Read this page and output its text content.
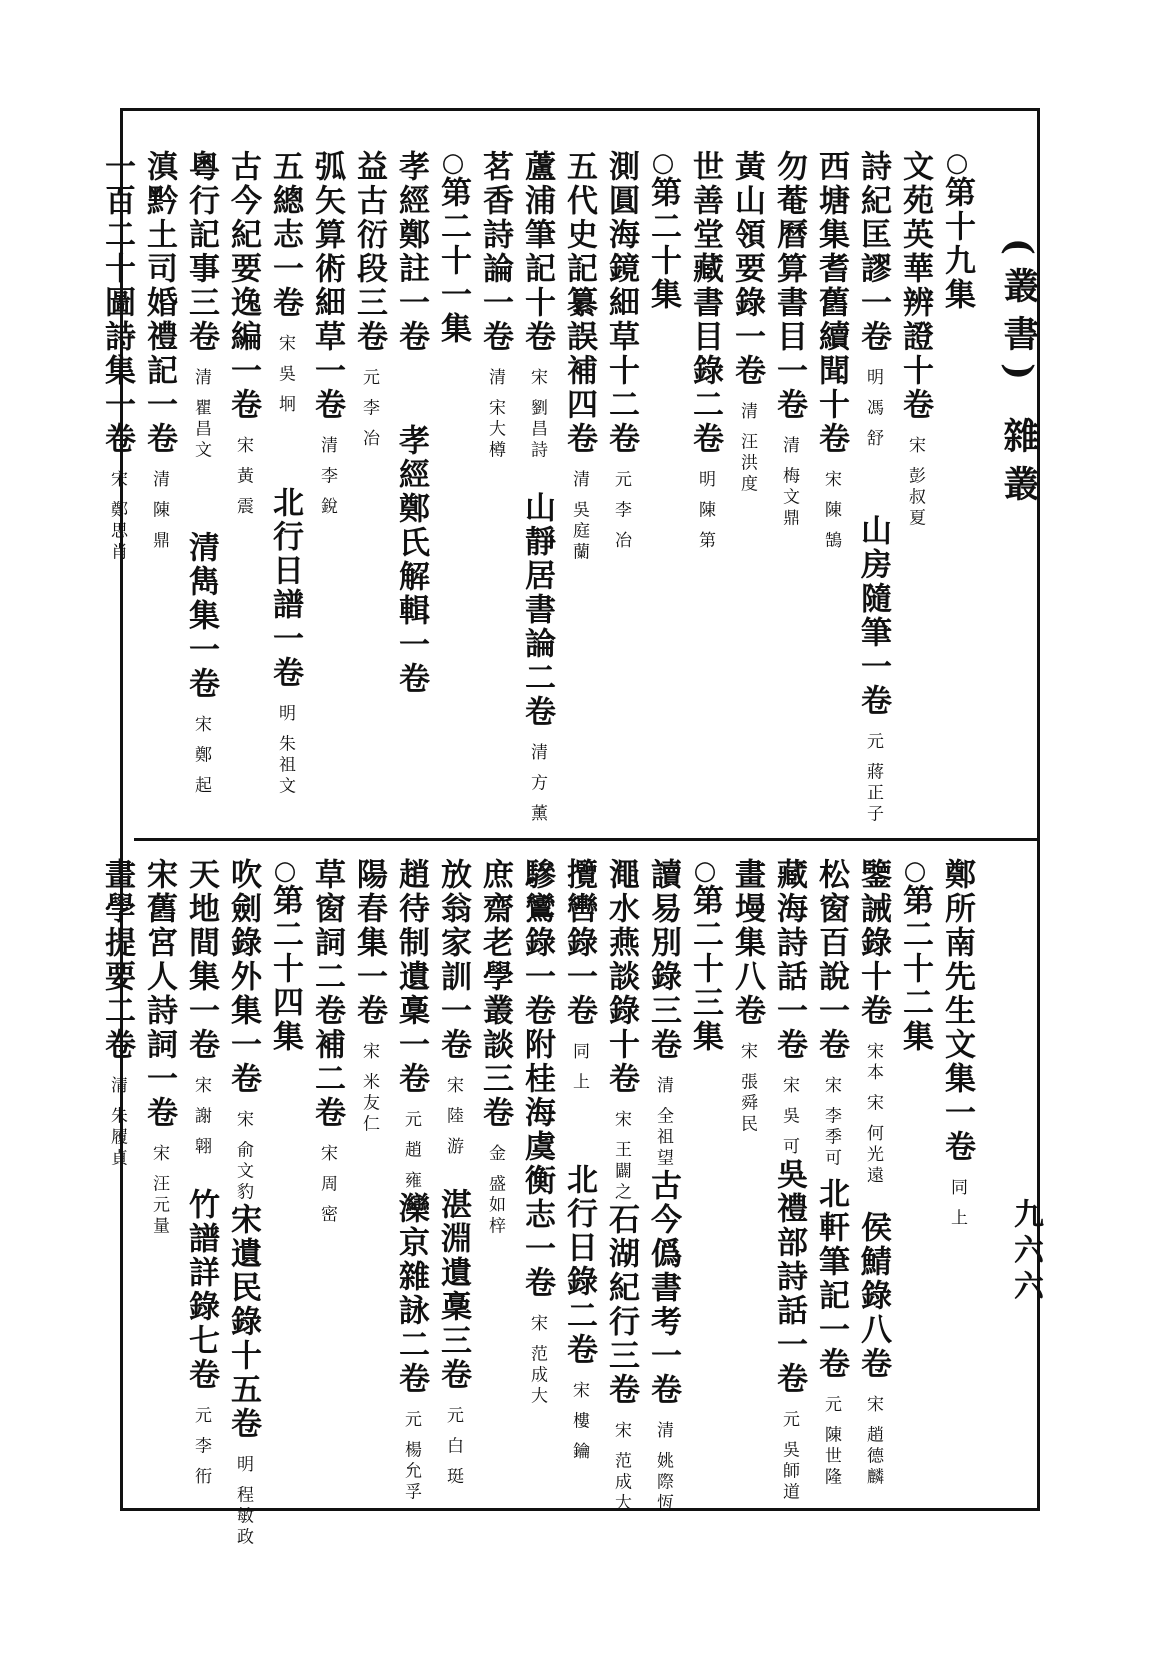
(叢書) 雜叢
九六六
○
第十九集
文苑英華辨證十卷
宋 彭叔夏
詩紀匡謬一卷
明 馮 舒
山房隨筆一卷
元 蔣正子
西塘集耆舊續聞十卷
宋 陳 鵠
勿菴曆算書目一卷
清 梅文鼎
黃山領要錄一卷
清 汪洪度
世善堂藏書目錄二卷
明 陳 第
○
第二十集
測圓海鏡細草十二卷
元 李 冶
五代史記纂誤補四卷
清 吳庭蘭
蘆浦筆記十卷
宋 劉昌詩
山靜居書論二卷
清 方 薰
茗香詩論一卷
清 宋大樽
○
第二十一集
孝經鄭註一卷
孝經鄭氏解輯一卷
益古衍段三卷
元 李 冶
弧矢算術細草一卷
清 李 銳
五總志一卷
宋 吳 坰
北行日譜一卷
明 朱祖文
古今紀要逸編一卷
宋 黃 震
粵行記事三卷
清 瞿昌文
清雋集一卷
宋 鄭 起
滇黔土司婚禮記一卷
清 陳 鼎
一百二十圖詩集一卷
宋 鄭思肖
鄭所南先生文集一卷
同 上
○
第二十二集
鑒誡錄十卷
宋本 宋 何光遠
侯鯖錄八卷
宋 趙德麟
松窗百說一卷
宋 李季可
北軒筆記一卷
元 陳世隆
藏海詩話一卷
宋 吳 可
吳禮部詩話一卷
元 吳師道
畫墁集八卷
宋 張舜民
○
第二十三集
讀易別錄三卷
清 全祖望
古今僞書考一卷
清 姚際恆
澠水燕談錄十卷
宋 王闢之
石湖紀行三卷
宋 范成大
攬轡錄一卷
同 上
北行日錄二卷
宋 樓 鑰
驂鸞錄一卷附桂海虞衡志一卷
宋 范成大
庶齋老學叢談三卷
金 盛如梓
放翁家訓一卷
宋 陸 游
湛淵遺稾三卷
元 白 珽
趙待制遺稾一卷
元 趙 雍
灤京雜詠二卷
元 楊允孚
陽春集一卷
宋 米友仁
草窗詞二卷補二卷
宋 周 密
○
第二十四集
吹劍錄外集一卷
宋 俞文豹
宋遺民錄十五卷
明 程敏政
天地間集一卷
宋 謝 翶
竹譜詳錄七卷
元 李 衎
宋舊宮人詩詞一卷
宋 汪元量
畫學提要二卷
清 朱履貞
